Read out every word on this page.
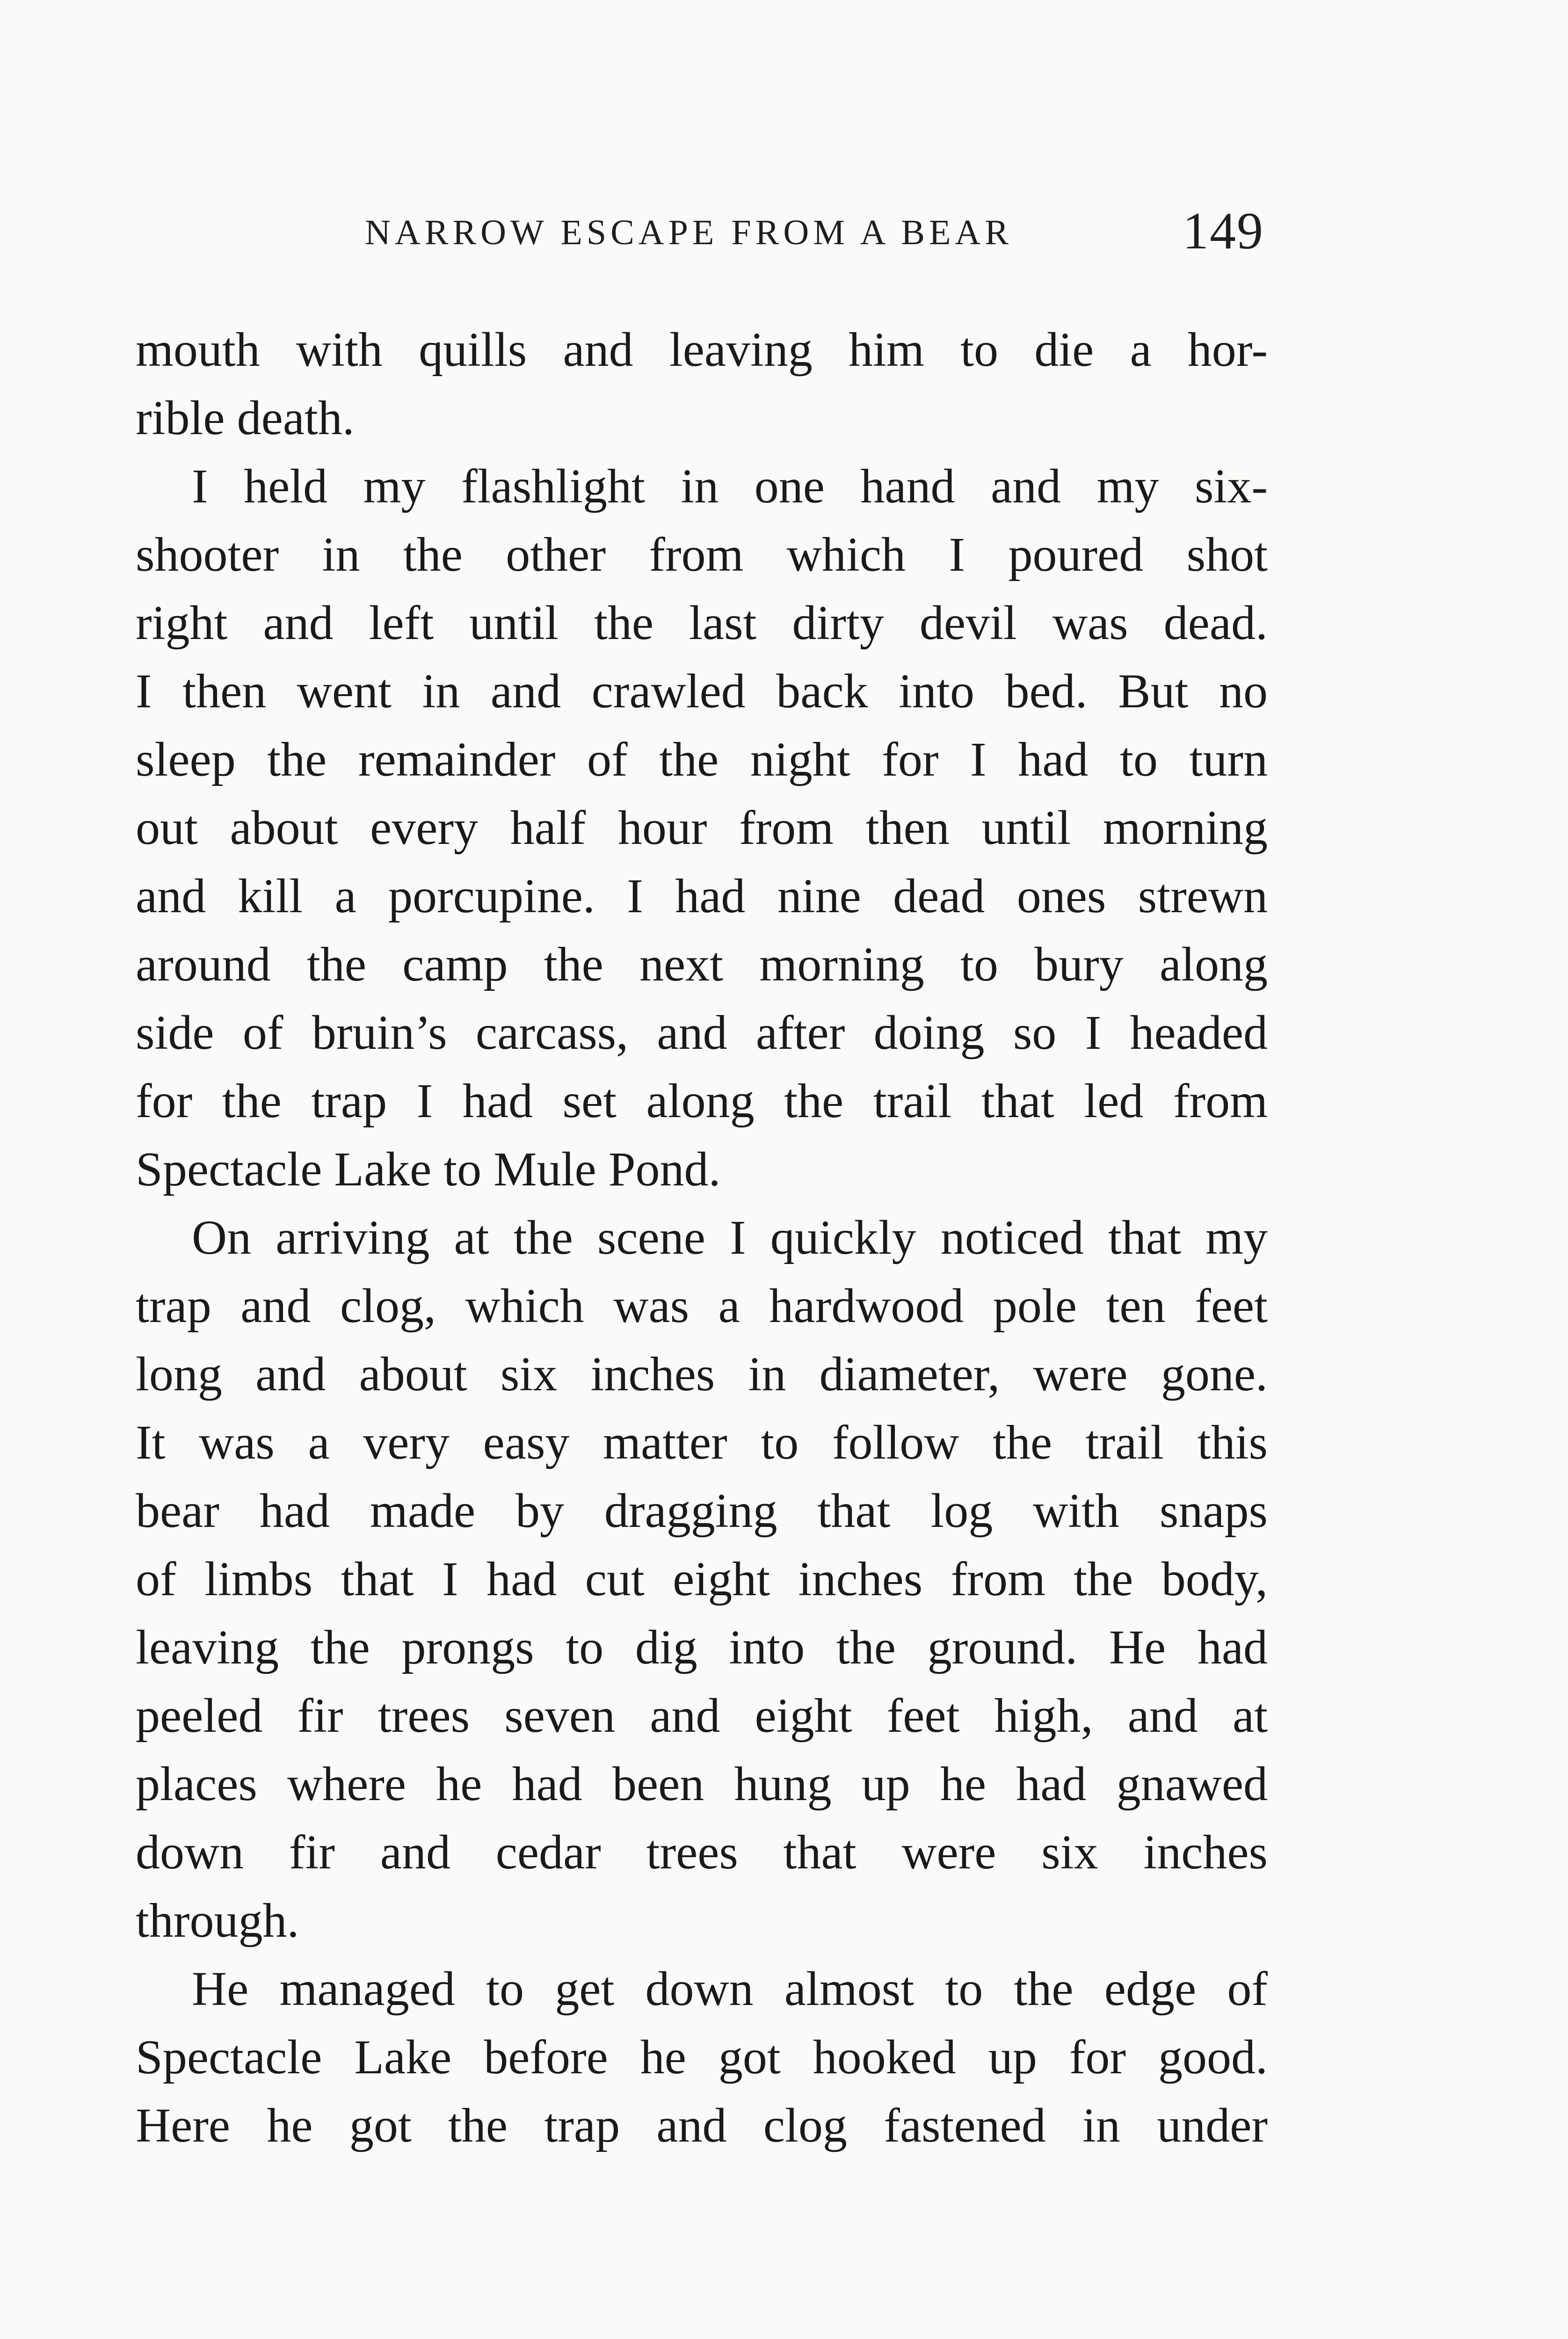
NARROW ESCAPE FROM A BEAR	149
mouth with quills and leaving him to die a hor-
rible death.
I held my flashlight in one hand and my six-
shooter in the other from which I poured shot
right and left until the last dirty devil was dead.
I then went in and crawled back into bed. But no
sleep the remainder of the night for I had to turn
out about every half hour from then until morning
and kill a porcupine. I had nine dead ones strewn
around the camp the next morning to bury along
side of bruin’s carcass, and after doing so I headed
for the trap I had set along the trail that led from
Spectacle Lake to Mule Pond.
On arriving at the scene I quickly noticed that my
trap and clog, which was a hardwood pole ten feet
long and about six inches in diameter, were gone.
It was a very easy matter to follow the trail this
bear had made by dragging that log with snaps
of limbs that I had cut eight inches from the body,
leaving the prongs to dig into the ground. He had
peeled fir trees seven and eight feet high, and at
places where he had been hung up he had gnawed
down fir and cedar trees that were six inches
through.
He managed to get down almost to the edge of
Spectacle Lake before he got hooked up for good.
Here he got the trap and clog fastened in under
